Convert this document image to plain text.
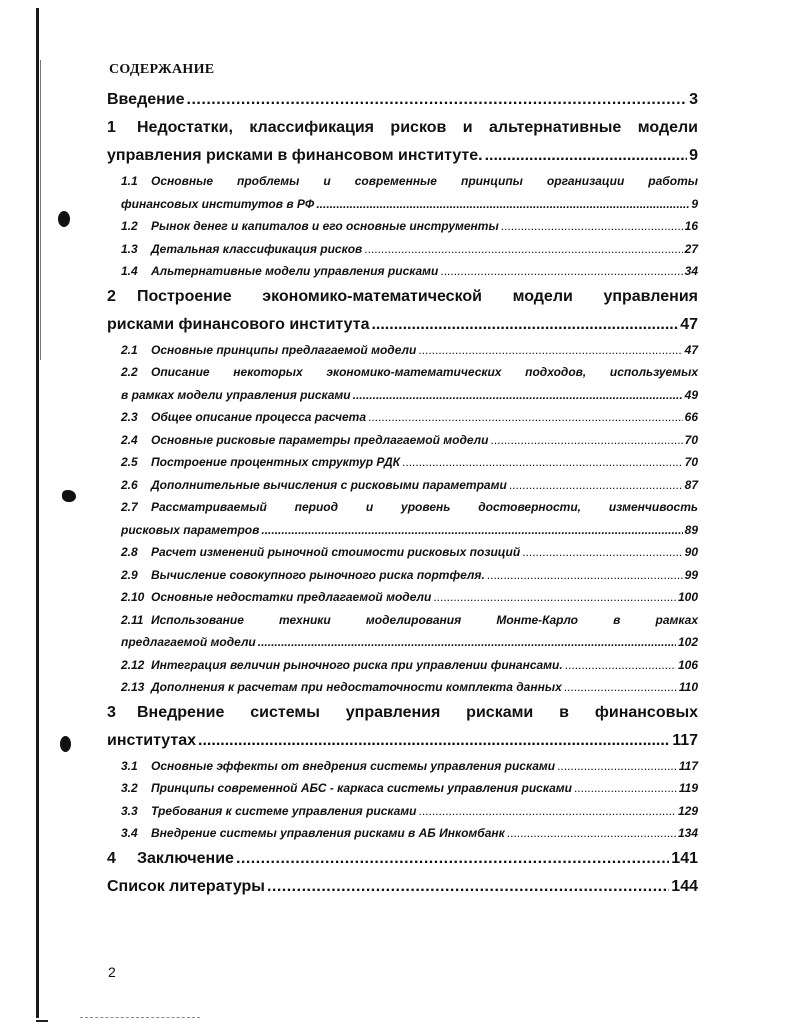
СОДЕРЖАНИЕ
Введение .....	3
1 Недостатки, классификация рисков и альтернативные модели
управления рисками в финансовом институте. .....	9
1.1 Основные проблемы и современные принципы организации работы
финансовых институтов в РФ .....	9
1.2 Рынок денег и капиталов и его основные инструменты .....	16
1.3 Детальная классификация рисков .....	27
1.4 Альтернативные модели управления рисками .....	34
2 Построение экономико-математической модели управления
рисками финансового института .....	47
2.1 Основные принципы предлагаемой модели .....	47
2.2 Описание некоторых экономико-математических подходов, используемых
в рамках модели управления рисками .....	49
2.3 Общее описание процесса расчета .....	66
2.4 Основные рисковые параметры предлагаемой модели .....	70
2.5 Построение процентных структур РДК .....	70
2.6 Дополнительные вычисления с рисковыми параметрами .....	87
2.7 Рассматриваемый период и уровень достоверности, изменчивость
рисковых параметров .....	89
2.8 Расчет изменений рыночной стоимости рисковых позиций .....	90
2.9 Вычисление совокупного рыночного риска портфеля. .....	99
2.10 Основные недостатки предлагаемой модели .....	100
2.11 Использование техники моделирования Монте-Карло в рамках
предлагаемой модели .....	102
2.12 Интеграция величин рыночного риска при управлении финансами. .....	106
2.13 Дополнения к расчетам при недостаточности комплекта данных .....	110
3 Внедрение системы управления рисками в финансовых
институтах .....	117
3.1 Основные эффекты от внедрения системы управления рисками .....	117
3.2 Принципы современной АБС - каркаса системы управления рисками .....	119
3.3 Требования к системе управления рисками .....	129
3.4 Внедрение системы управления рисками в АБ Инкомбанк .....	134
4 Заключение .....	141
Список литературы .....	144
2
